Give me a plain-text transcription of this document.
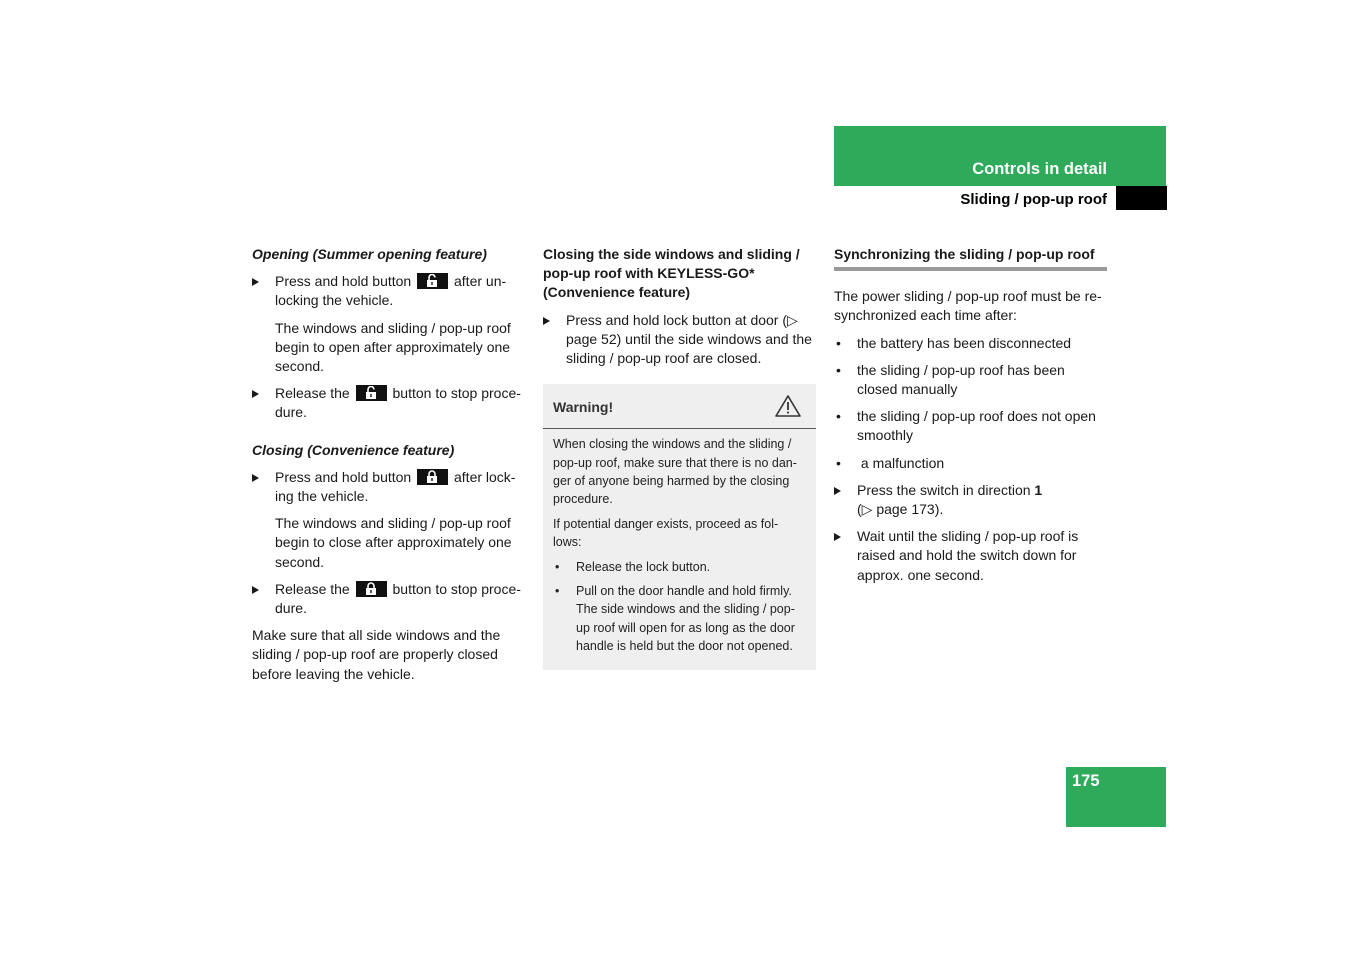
Controls in detail
Sliding / pop-up roof

Opening (Summer opening feature)

Press and hold button	after un-locking the vehicle.

The windows and sliding / pop-up roof begin to open after approximately one second.

Release the	button to stop proce-dure.

Closing (Convenience feature)

Press and hold button	after lock-ing the vehicle.

The windows and sliding / pop-up roof begin to close after approximately one second.

Release the	button to stop proce-dure.

Make sure that all side windows and the sliding / pop-up roof are properly closed before leaving the vehicle.

Closing the side windows and sliding / pop-up roof with KEYLESS-GO* (Convenience feature)

Press and hold lock button at door (▷ page 52) until the side windows and the sliding / pop-up roof are closed.
Warning!

When closing the windows and the sliding / pop-up roof, make sure that there is no dan-ger of anyone being harmed by the closing procedure.

If potential danger exists, proceed as fol-lows:

• Release the lock button.
• Pull on the door handle and hold firmly. The side windows and the sliding / pop-up roof will open for as long as the door handle is held but the door not opened.

Synchronizing the sliding / pop-up roof

The power sliding / pop-up roof must be re-synchronized each time after:

• the battery has been disconnected
• the sliding / pop-up roof has been closed manually
• the sliding / pop-up roof does not open smoothly
• a malfunction
Press the switch in direction 1
(▷ page 173).
Wait until the sliding / pop-up roof is raised and hold the switch down for approx. one second.
175
